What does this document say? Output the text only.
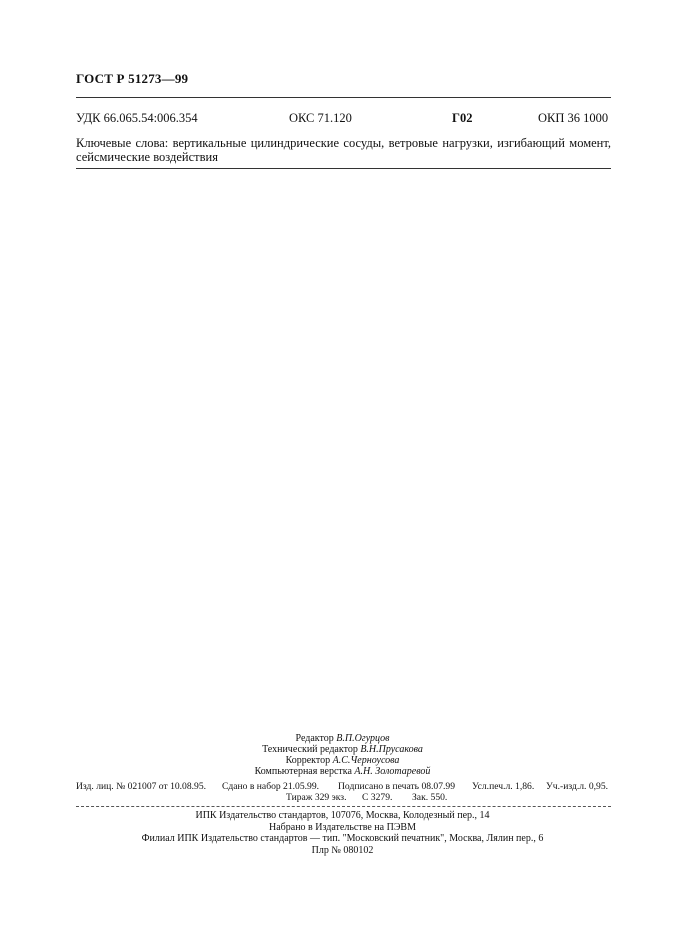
ГОСТ Р 51273—99
УДК 66.065.54:006.354	ОКС 71.120	Г02	ОКП 36 1000
Ключевые слова: вертикальные цилиндрические сосуды, ветровые нагрузки, изгибающий момент, сейсмические воздействия
Редактор В.П.Огурцов
Технический редактор В.Н.Прусакова
Корректор А.С.Черноусова
Компьютерная верстка А.Н. Золотаревой
Изд. лиц. № 021007 от 10.08.95. Сдано в набор 21.05.99. Подписано в печать 08.07.99 Усл.печ.л. 1,86. Уч.-изд.л. 0,95.
Тираж 329 экз. С 3279. Зак. 550.
ИПК Издательство стандартов, 107076, Москва, Колодезный пер., 14
Набрано в Издательстве на ПЭВМ
Филиал ИПК Издательство стандартов — тип. "Московский печатник", Москва, Лялин пер., 6
Плр № 080102
